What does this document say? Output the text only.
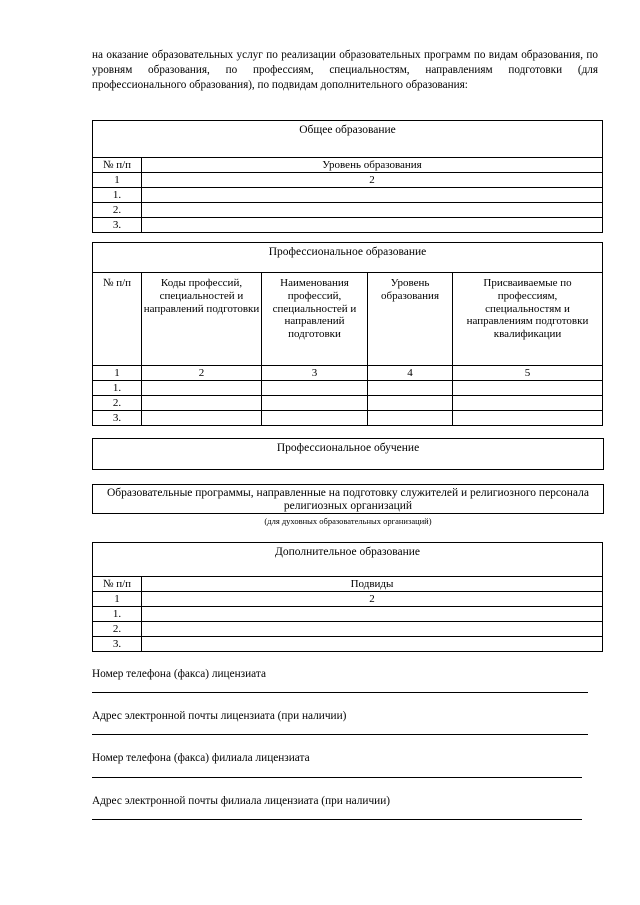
на оказание образовательных услуг по реализации образовательных программ по видам образования, по уровням образования, по профессиям, специальностям, направлениям подготовки (для профессионального образования), по подвидам дополнительного образования:
Общее образование	
№ п/п	Уровень образования
1	2
1.	
2.	
3.	
Профессиональное образование				
№ п/п	Коды профессий, специальностей и направлений подготовки	Наименования профессий, специальностей и направлений подготовки	Уровень образования	Присваиваемые по профессиям, специальностям и направлениям подготовки квалификации
1	2	3	4	5
1.				
2.				
3.				
Профессиональное обучение
Образовательные программы, направленные на подготовку служителей и религиозного персонала религиозных организаций
(для духовных образовательных организаций)
Дополнительное образование	
№ п/п	Подвиды
1	2
1.	
2.	
3.	
Номер телефона (факса) лицензиата
Адрес электронной почты лицензиата (при наличии)
Номер телефона (факса) филиала лицензиата
Адрес электронной почты филиала лицензиата (при наличии)
